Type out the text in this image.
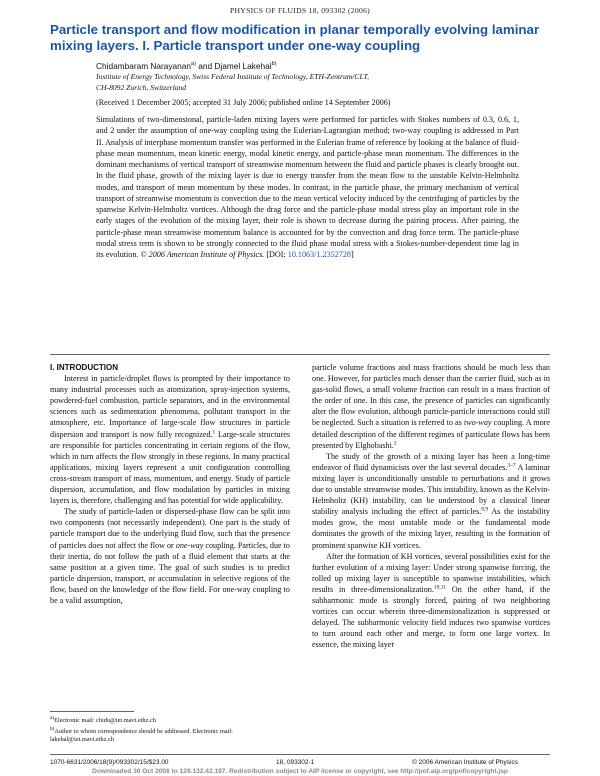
PHYSICS OF FLUIDS 18, 093302 (2006)
Particle transport and flow modification in planar temporally evolving laminar mixing layers. I. Particle transport under one-way coupling
Chidambaram Narayanan$^{a)}$ and Djamel Lakehal$^{b)}$
Institute of Energy Technology, Swiss Federal Institute of Technology, ETH-Zentrum/CLT,
CH-8092 Zurich, Switzerland
(Received 1 December 2005; accepted 31 July 2006; published online 14 September 2006)
Simulations of two-dimensional, particle-laden mixing layers were performed for particles with Stokes numbers of 0.3, 0.6, 1, and 2 under the assumption of one-way coupling using the Eulerian-Lagrangian method; two-way coupling is addressed in Part II. Analysis of interphase momentum transfer was performed in the Eulerian frame of reference by looking at the balance of fluid-phase mean momentum, mean kinetic energy, modal kinetic energy, and particle-phase mean momentum. The differences in the dominant mechanisms of vertical transport of streamwise momentum between the fluid and particle phases is clearly brought out. In the fluid phase, growth of the mixing layer is due to energy transfer from the mean flow to the unstable Kelvin-Helmholtz modes, and transport of mean momentum by these modes. In contrast, in the particle phase, the primary mechanism of vertical transport of streamwise momentum is convection due to the mean vertical velocity induced by the centrifuging of particles by the spanwise Kelvin-Helmholtz vortices. Although the drag force and the particle-phase modal stress play an important role in the early stages of the evolution of the mixing layer, their role is shown to decrease during the pairing process. After pairing, the particle-phase mean streamwise momentum balance is accounted for by the convection and drag force term. The particle-phase modal stress term is shown to be strongly connected to the fluid phase modal stress with a Stokes-number-dependent time lag in its evolution. © 2006 American Institute of Physics. [DOI: 10.1063/1.2352728]

I. INTRODUCTION

Interest in particle/droplet flows is prompted by their importance to many industrial processes such as atomization, spray-injection systems, powdered-fuel combustion, particle separators, and in the environmental sciences such as sedimentation phenomena, pollutant transport in the atmosphere, etc. Importance of large-scale flow structures in particle dispersion and transport is now fully recognized.$^1$ Large-scale structures are responsible for particles concentrating in certain regions of the flow, which in turn affects the flow strongly in these regions. In many practical applications, mixing layers represent a unit configuration controlling cross-stream transport of mass, momentum, and energy. Study of particle dispersion, accumulation, and flow modulation by particles in mixing layers is, therefore, challenging and has potential for wide applicability.

The study of particle-laden or dispersed-phase flow can be split into two components (not necessarily independent). One part is the study of particle transport due to the underlying fluid flow, such that the presence of particles does not affect the flow or one-way coupling. Particles, due to their inertia, do not follow the path of a fluid element that starts at the same position at a given time. The goal of such studies is to predict particle dispersion, transport, or accumulation in selective regions of the flow, based on the knowledge of the flow field. For one-way coupling to be a valid assumption,

particle volume fractions and mass fractions should be much less than one. However, for particles much denser than the carrier fluid, such as in gas-solid flows, a small volume fraction can result in a mass fraction of the order of one. In this case, the presence of particles can significantly alter the flow evolution, although particle-particle interactions could still be neglected. Such a situation is referred to as two-way coupling. A more detailed description of the different regimes of particulate flows has been presented by Elghobashi.$^2$

The study of the growth of a mixing layer has been a long-time endeavor of fluid dynamicists over the last several decades.$^{3-7}$ A laminar mixing layer is unconditionally unstable to perturbations and it grows due to unstable streamwise modes. This instability, known as the Kelvin-Helmholtz (KH) instability, can be understood by a classical linear stability analysis including the effect of particles.$^{8,9}$ As the instability modes grow, the most unstable mode or the fundamental mode dominates the growth of the mixing layer, resulting in the formation of prominent spanwise KH vortices.

After the formation of KH vortices, several possibilities exist for the further evolution of a mixing layer: Under strong spanwise forcing, the rolled up mixing layer is susceptible to spanwise instabilities, which results in three-dimensionalization.$^{10,11}$ On the other hand, if the subharmonic mode is strongly forced, pairing of two neighboring vortices can occur wherein three-dimensionalization is suppressed or delayed. The subharmonic velocity field induces two spanwise vortices to turn around each other and merge, to form one large vortex. In essence, the mixing layer

$^{a)}$Electronic mail: chidu@iet.mavt.ethz.ch
$^{b)}$Author to whom correspondence should be addressed. Electronic mail: lakehal@iet.mavt.ethz.ch
1070-6631/2006/18(9)/093302/15/$23.00	18, 093302-1	© 2006 American Institute of Physics
Downloaded 30 Oct 2006 to 129.132.42.197. Redistribution subject to AIP license or copyright, see http://pof.aip.org/pof/copyright.jsp
